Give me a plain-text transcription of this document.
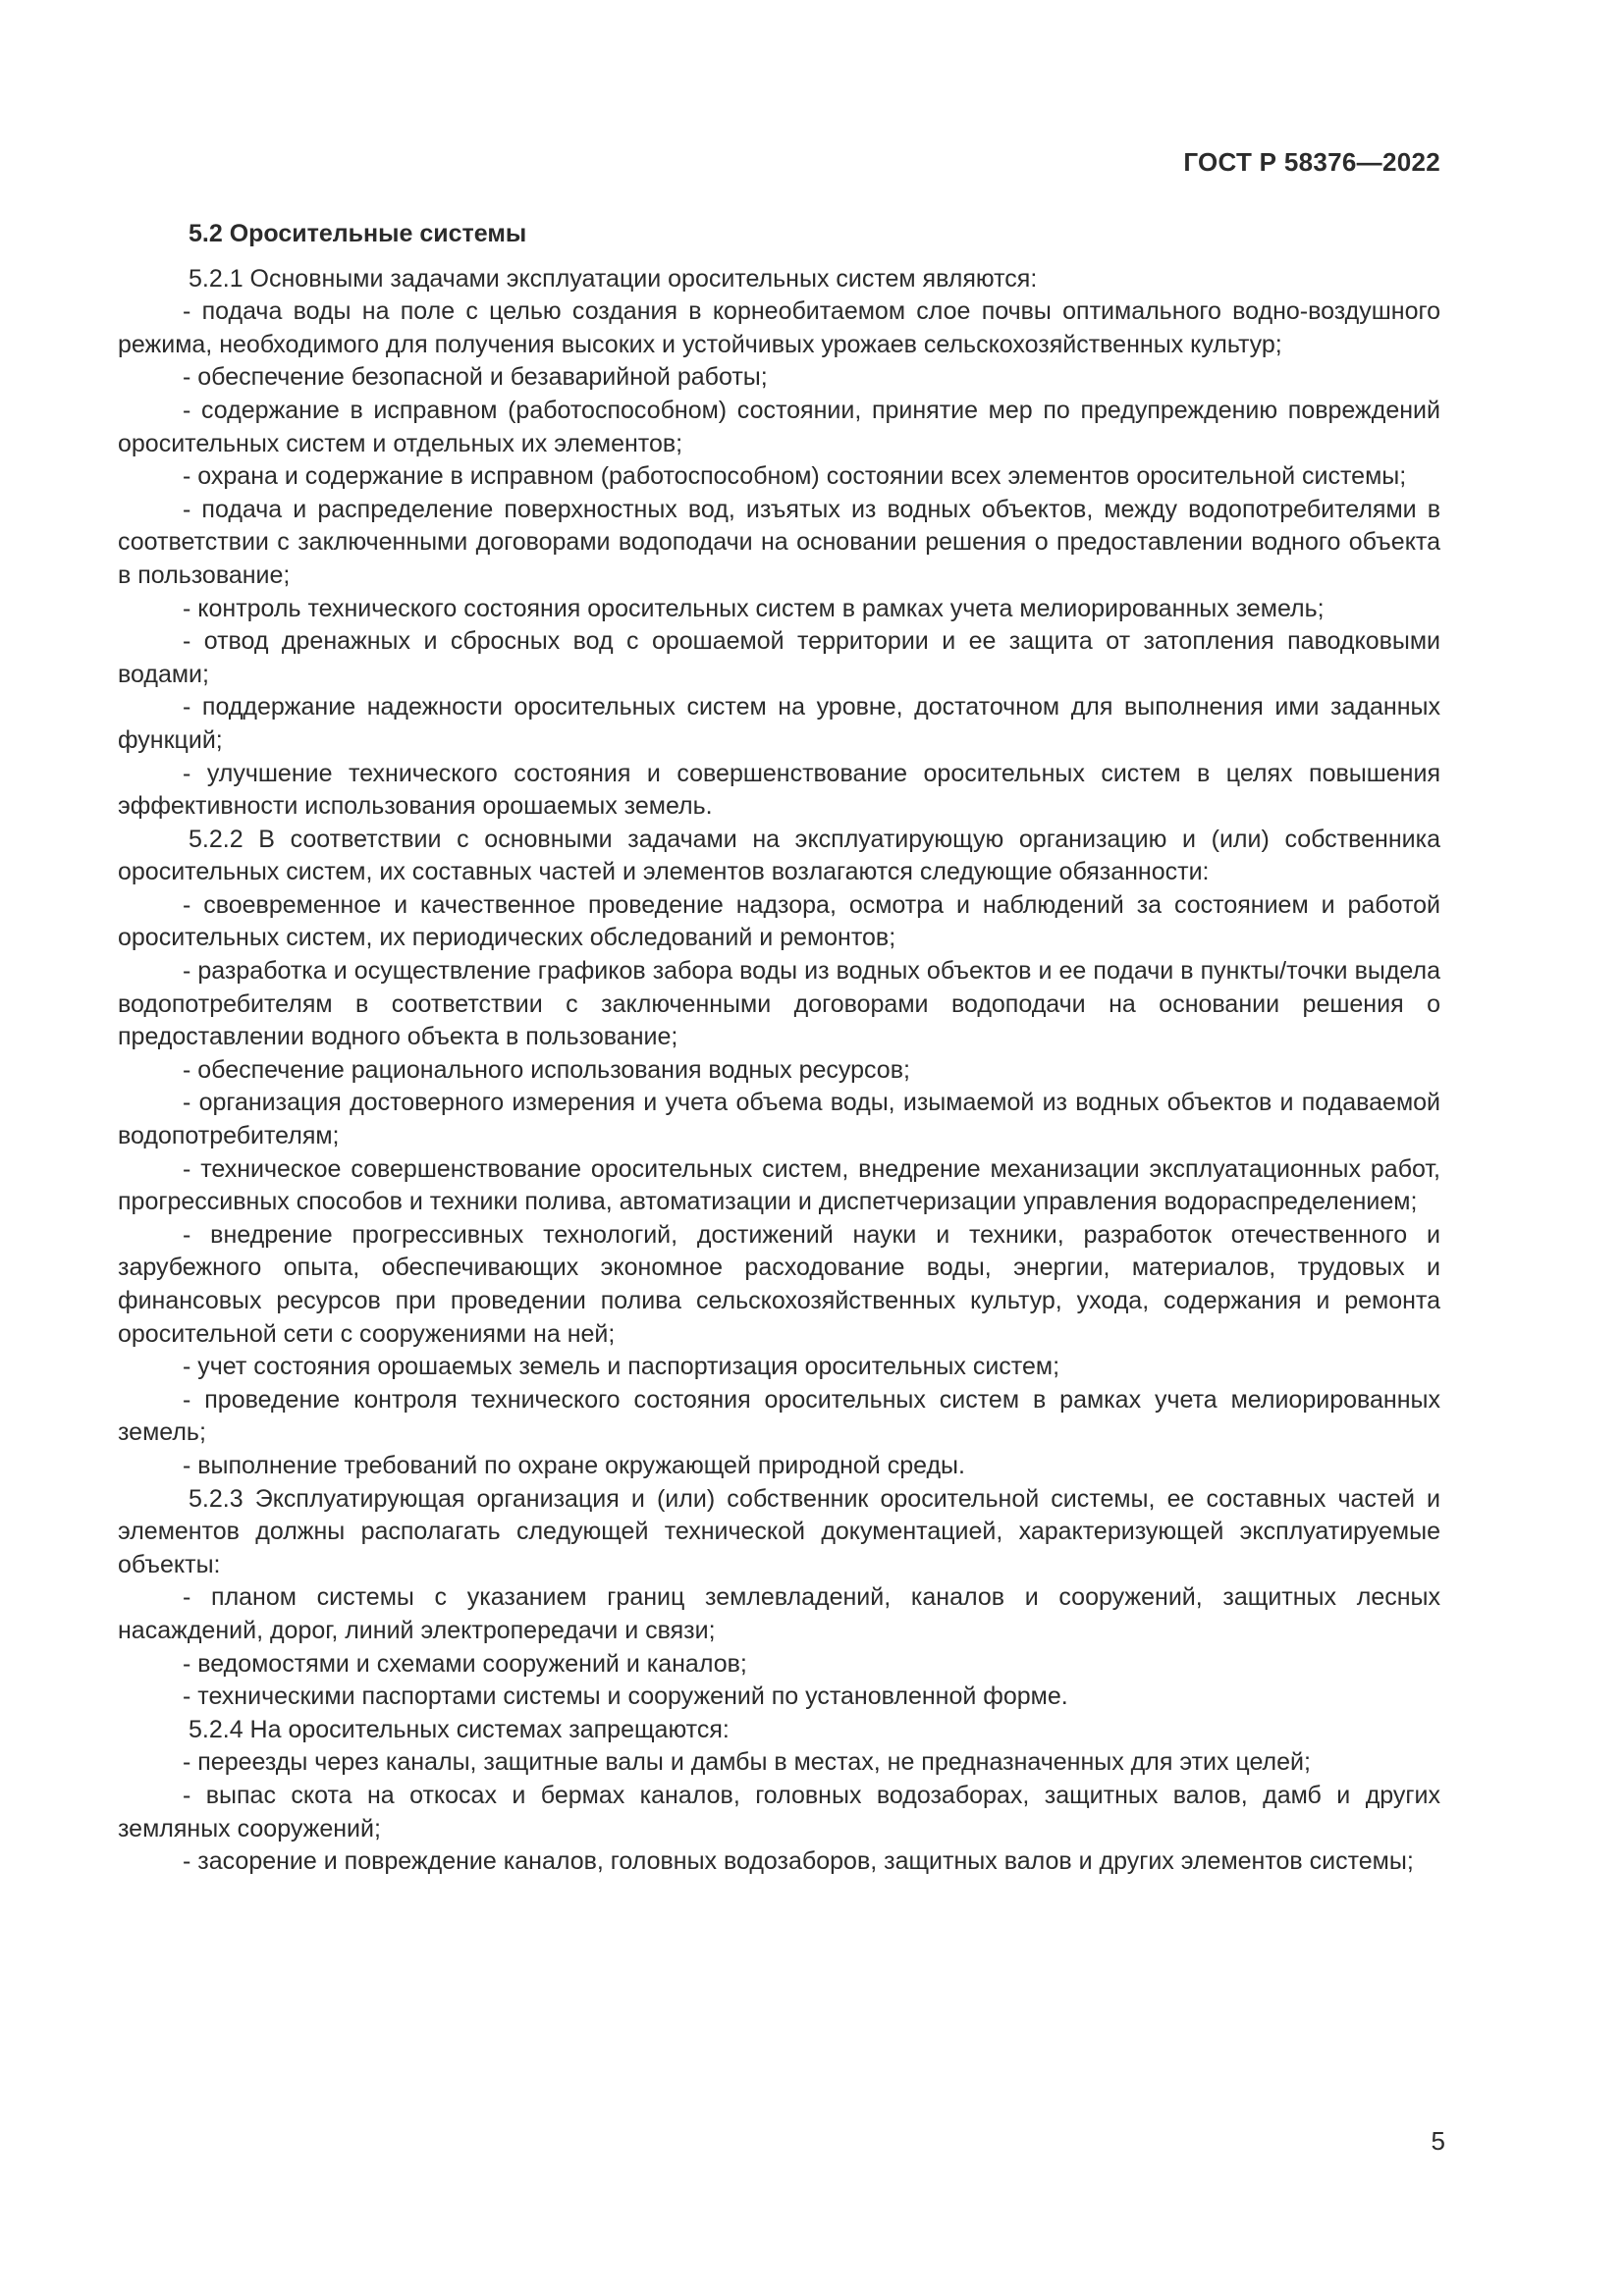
ГОСТ Р 58376—2022

5.2 Оросительные системы

5.2.1 Основными задачами эксплуатации оросительных систем являются:

- подача воды на поле с целью создания в корнеобитаемом слое почвы оптимального водно-воздушного режима, необходимого для получения высоких и устойчивых урожаев сельскохозяйственных культур;

- обеспечение безопасной и безаварийной работы;

- содержание в исправном (работоспособном) состоянии, принятие мер по предупреждению повреждений оросительных систем и отдельных их элементов;

- охрана и содержание в исправном (работоспособном) состоянии всех элементов оросительной системы;

- подача и распределение поверхностных вод, изъятых из водных объектов, между водопотребителями в соответствии с заключенными договорами водоподачи на основании решения о предоставлении водного объекта в пользование;

- контроль технического состояния оросительных систем в рамках учета мелиорированных земель;

- отвод дренажных и сбросных вод с орошаемой территории и ее защита от затопления паводковыми водами;

- поддержание надежности оросительных систем на уровне, достаточном для выполнения ими заданных функций;

- улучшение технического состояния и совершенствование оросительных систем в целях повышения эффективности использования орошаемых земель.

5.2.2 В соответствии с основными задачами на эксплуатирующую организацию и (или) собственника оросительных систем, их составных частей и элементов возлагаются следующие обязанности:

- своевременное и качественное проведение надзора, осмотра и наблюдений за состоянием и работой оросительных систем, их периодических обследований и ремонтов;

- разработка и осуществление графиков забора воды из водных объектов и ее подачи в пункты/точки выдела водопотребителям в соответствии с заключенными договорами водоподачи на основании решения о предоставлении водного объекта в пользование;

- обеспечение рационального использования водных ресурсов;

- организация достоверного измерения и учета объема воды, изымаемой из водных объектов и подаваемой водопотребителям;

- техническое совершенствование оросительных систем, внедрение механизации эксплуатационных работ, прогрессивных способов и техники полива, автоматизации и диспетчеризации управления водораспределением;

- внедрение прогрессивных технологий, достижений науки и техники, разработок отечественного и зарубежного опыта, обеспечивающих экономное расходование воды, энергии, материалов, трудовых и финансовых ресурсов при проведении полива сельскохозяйственных культур, ухода, содержания и ремонта оросительной сети с сооружениями на ней;

- учет состояния орошаемых земель и паспортизация оросительных систем;

- проведение контроля технического состояния оросительных систем в рамках учета мелиорированных земель;

- выполнение требований по охране окружающей природной среды.

5.2.3 Эксплуатирующая организация и (или) собственник оросительной системы, ее составных частей и элементов должны располагать следующей технической документацией, характеризующей эксплуатируемые объекты:

- планом системы с указанием границ землевладений, каналов и сооружений, защитных лесных насаждений, дорог, линий электропередачи и связи;

- ведомостями и схемами сооружений и каналов;

- техническими паспортами системы и сооружений по установленной форме.

5.2.4 На оросительных системах запрещаются:

- переезды через каналы, защитные валы и дамбы в местах, не предназначенных для этих целей;

- выпас скота на откосах и бермах каналов, головных водозаборах, защитных валов, дамб и других земляных сооружений;

- засорение и повреждение каналов, головных водозаборов, защитных валов и других элементов системы;

5
